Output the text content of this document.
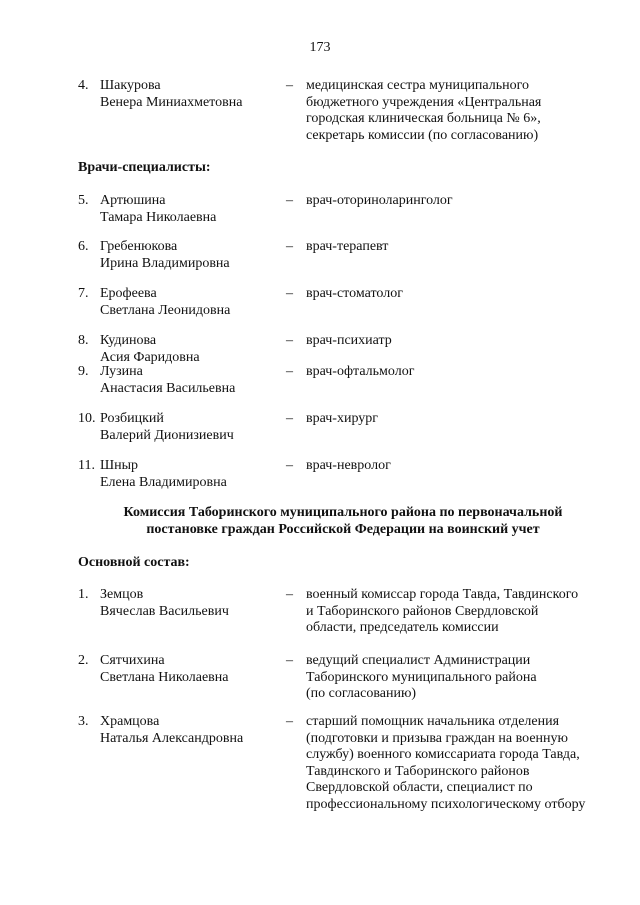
173
4. Шакурова
Венера Миниахметовна
– медицинская сестра муниципального
бюджетного учреждения «Центральная
городская клиническая больница № 6»,
секретарь комиссии (по согласованию)
Врачи-специалисты:
5. Артюшина
Тамара Николаевна
– врач-оториноларинголог
6. Гребенюкова
Ирина Владимировна
– врач-терапевт
7. Ерофеева
Светлана Леонидовна
– врач-стоматолог
8. Кудинова
Асия Фаридовна
– врач-психиатр
9. Лузина
Анастасия Васильевна
– врач-офтальмолог
10. Розбицкий
Валерий Дионизиевич
– врач-хирург
11. Шныр
Елена Владимировна
– врач-невролог
Комиссия Таборинского муниципального района по первоначальной
постановке граждан Российской Федерации на воинский учет
Основной состав:
1. Земцов
Вячеслав Васильевич
– военный комиссар города Тавда, Тавдинского
и Таборинского районов Свердловской
области, председатель комиссии
2. Сятчихина
Светлана Николаевна
– ведущий специалист Администрации
Таборинского муниципального района
(по согласованию)
3. Храмцова
Наталья Александровна
– старший помощник начальника отделения
(подготовки и призыва граждан на военную
службу) военного комиссариата города Тавда,
Тавдинского и Таборинского районов
Свердловской области, специалист по
профессиональному психологическому отбору
